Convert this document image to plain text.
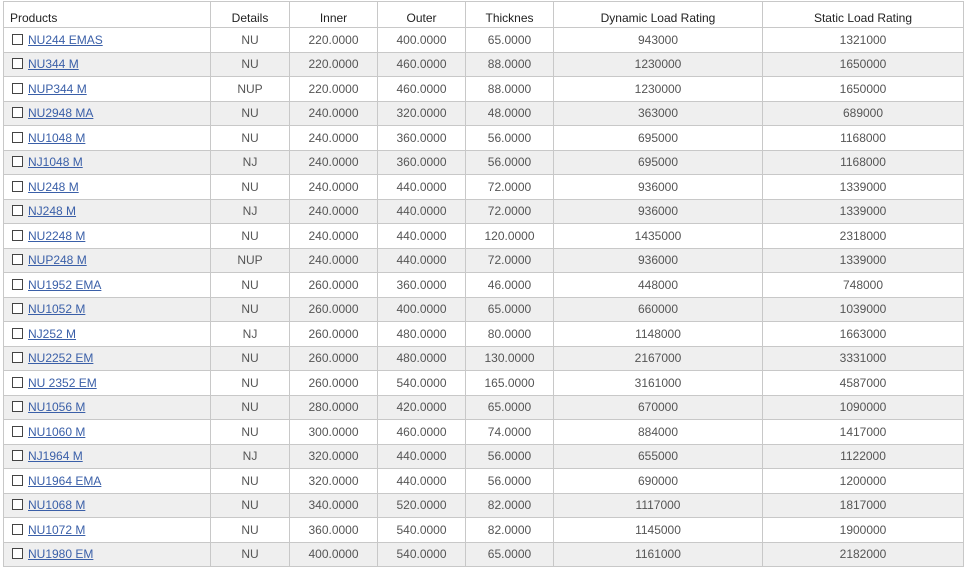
Products	Details	Inner	Outer	Thicknes	Dynamic Load Rating	Static Load Rating
NU244 EMAS	NU	220.0000	400.0000	65.0000	943000	1321000
NU344 M	NU	220.0000	460.0000	88.0000	1230000	1650000
NUP344 M	NUP	220.0000	460.0000	88.0000	1230000	1650000
NU2948 MA	NU	240.0000	320.0000	48.0000	363000	689000
NU1048 M	NU	240.0000	360.0000	56.0000	695000	1168000
NJ1048 M	NJ	240.0000	360.0000	56.0000	695000	1168000
NU248 M	NU	240.0000	440.0000	72.0000	936000	1339000
NJ248 M	NJ	240.0000	440.0000	72.0000	936000	1339000
NU2248 M	NU	240.0000	440.0000	120.0000	1435000	2318000
NUP248 M	NUP	240.0000	440.0000	72.0000	936000	1339000
NU1952 EMA	NU	260.0000	360.0000	46.0000	448000	748000
NU1052 M	NU	260.0000	400.0000	65.0000	660000	1039000
NJ252 M	NJ	260.0000	480.0000	80.0000	1148000	1663000
NU2252 EM	NU	260.0000	480.0000	130.0000	2167000	3331000
NU 2352 EM	NU	260.0000	540.0000	165.0000	3161000	4587000
NU1056 M	NU	280.0000	420.0000	65.0000	670000	1090000
NU1060 M	NU	300.0000	460.0000	74.0000	884000	1417000
NJ1964 M	NJ	320.0000	440.0000	56.0000	655000	1122000
NU1964 EMA	NU	320.0000	440.0000	56.0000	690000	1200000
NU1068 M	NU	340.0000	520.0000	82.0000	1117000	1817000
NU1072 M	NU	360.0000	540.0000	82.0000	1145000	1900000
NU1980 EM	NU	400.0000	540.0000	65.0000	1161000	2182000
